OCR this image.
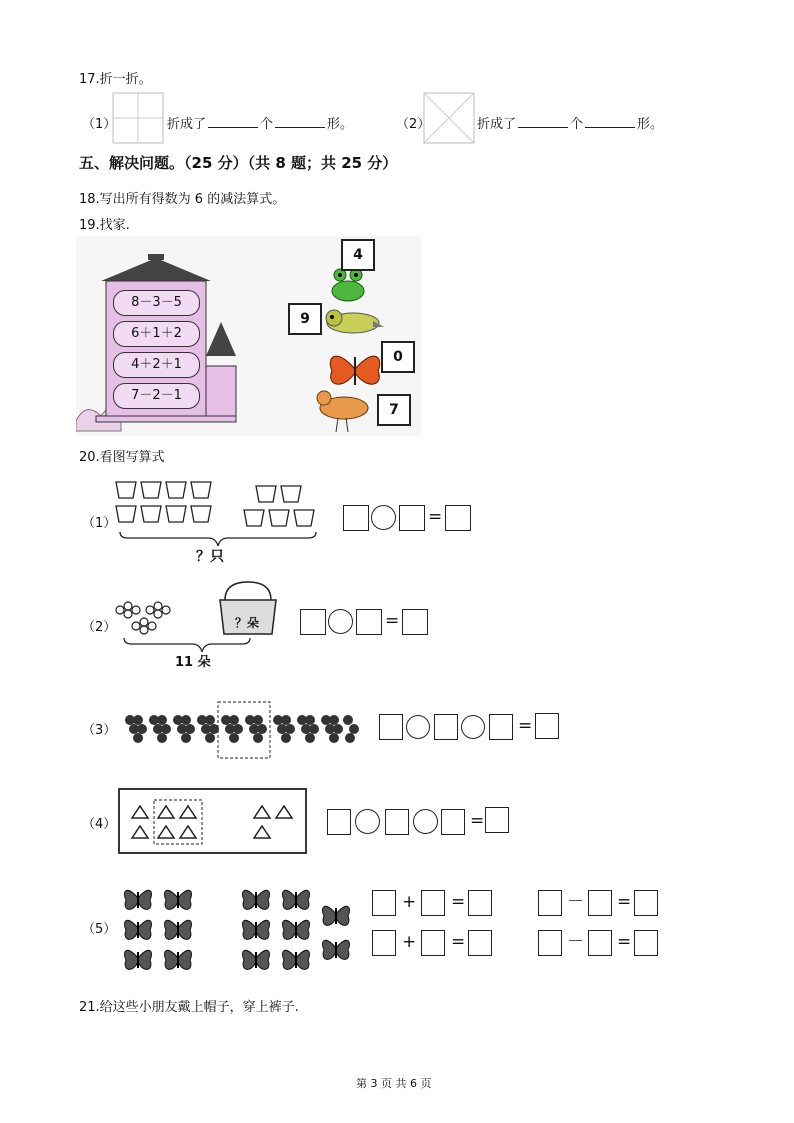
17.折一折。
（1）	折成了	个	形。	（2）	折成了	个	形。
五、解决问题。（25 分）（共 8 题；共 25 分）
18.写出所有得数为 6 的减法算式。
19.找家.
8－3－5
6＋1＋2
4＋2＋1
7－2－1
4
9
0
7
20.看图写算式
（1）
？只
=
（2）	？朵
11 朵
=
（3）	=
（4）	=
（5）
+ =	－ =
+ =	－ =
21.给这些小朋友戴上帽子，穿上裤子.
第 3 页 共 6 页
